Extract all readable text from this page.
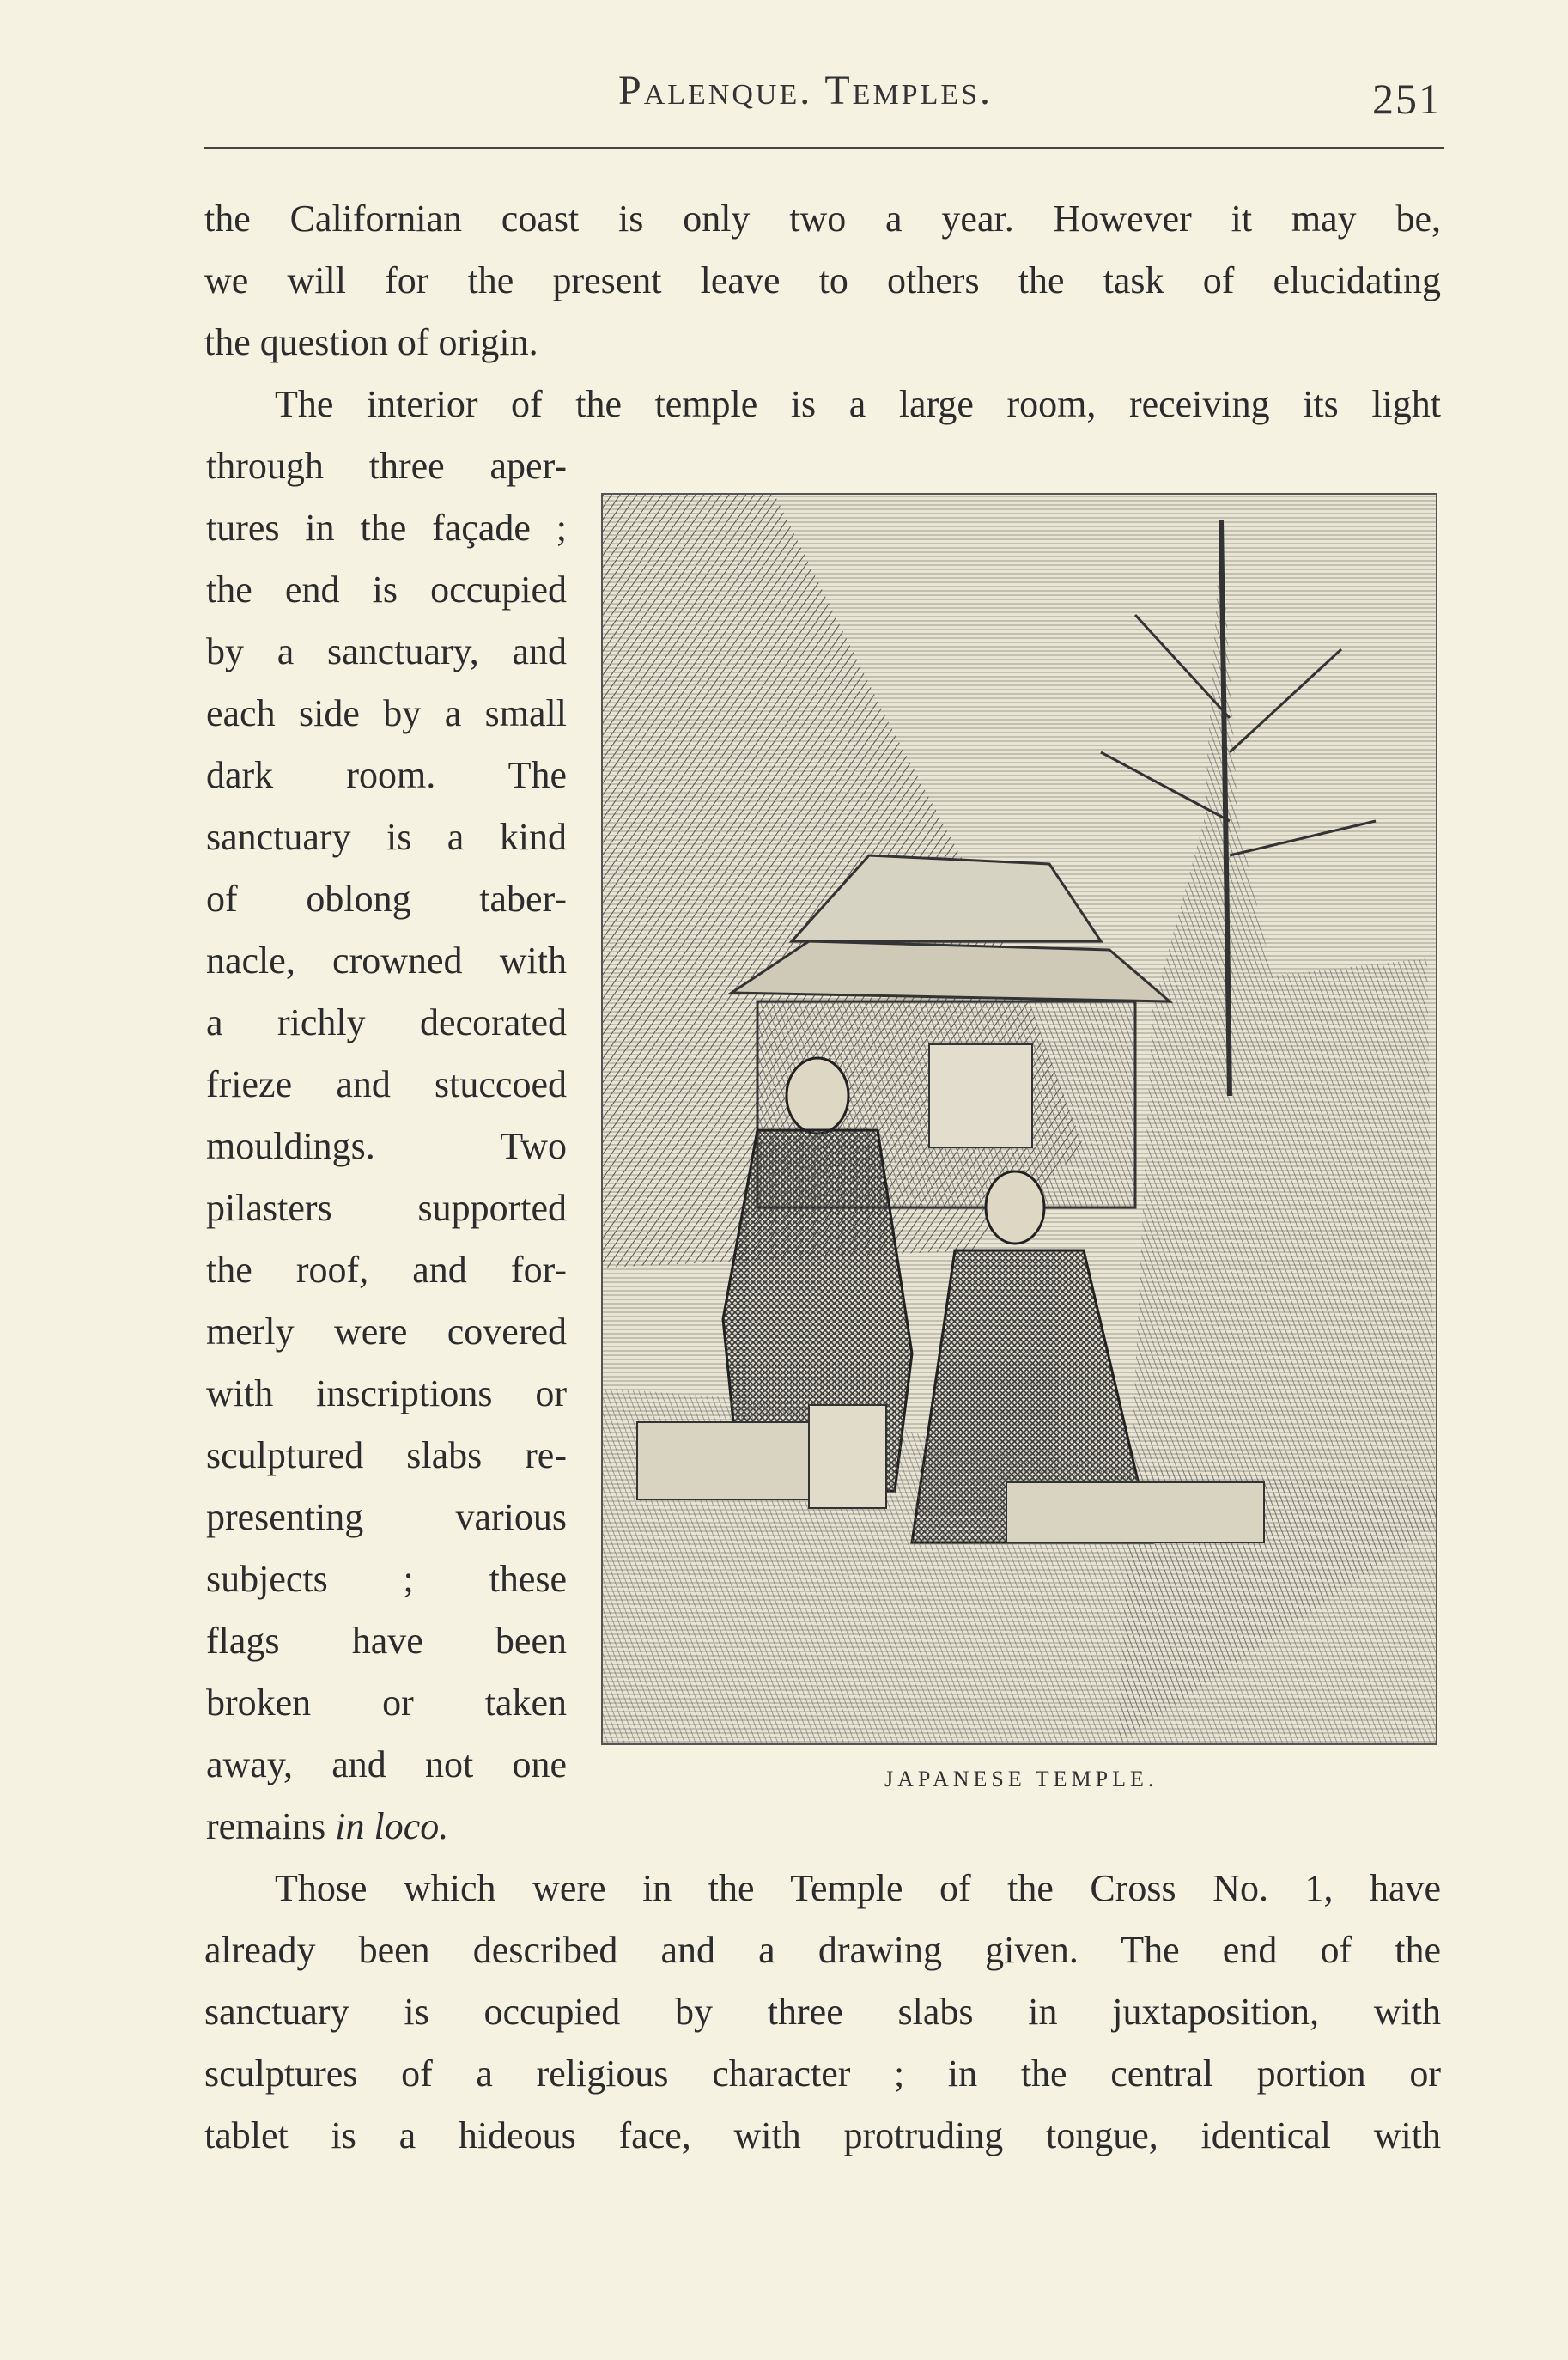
Palenque. Temples.	251
the Californian coast is only two a year. However it may be,
we will for the present leave to others the task of elucidating
the question of origin.
The interior of the temple is a large room, receiving its light
through three aper-
tures in the façade ;
the end is occupied
by a sanctuary, and
each side by a small
dark room. The
sanctuary is a kind
of oblong taber-
nacle, crowned with
a richly decorated
frieze and stuccoed
mouldings. Two
pilasters supported
the roof, and for-
merly were covered
with inscriptions or
sculptured slabs re-
presenting various
subjects ; these
flags have been
broken or taken
away, and not one
remains in loco.
Those which were in the Temple of the Cross No. 1, have
already been described and a drawing given. The end of the
sanctuary is occupied by three slabs in juxtaposition, with
sculptures of a religious character ; in the central portion or
tablet is a hideous face, with protruding tongue, identical with
JAPANESE TEMPLE.
